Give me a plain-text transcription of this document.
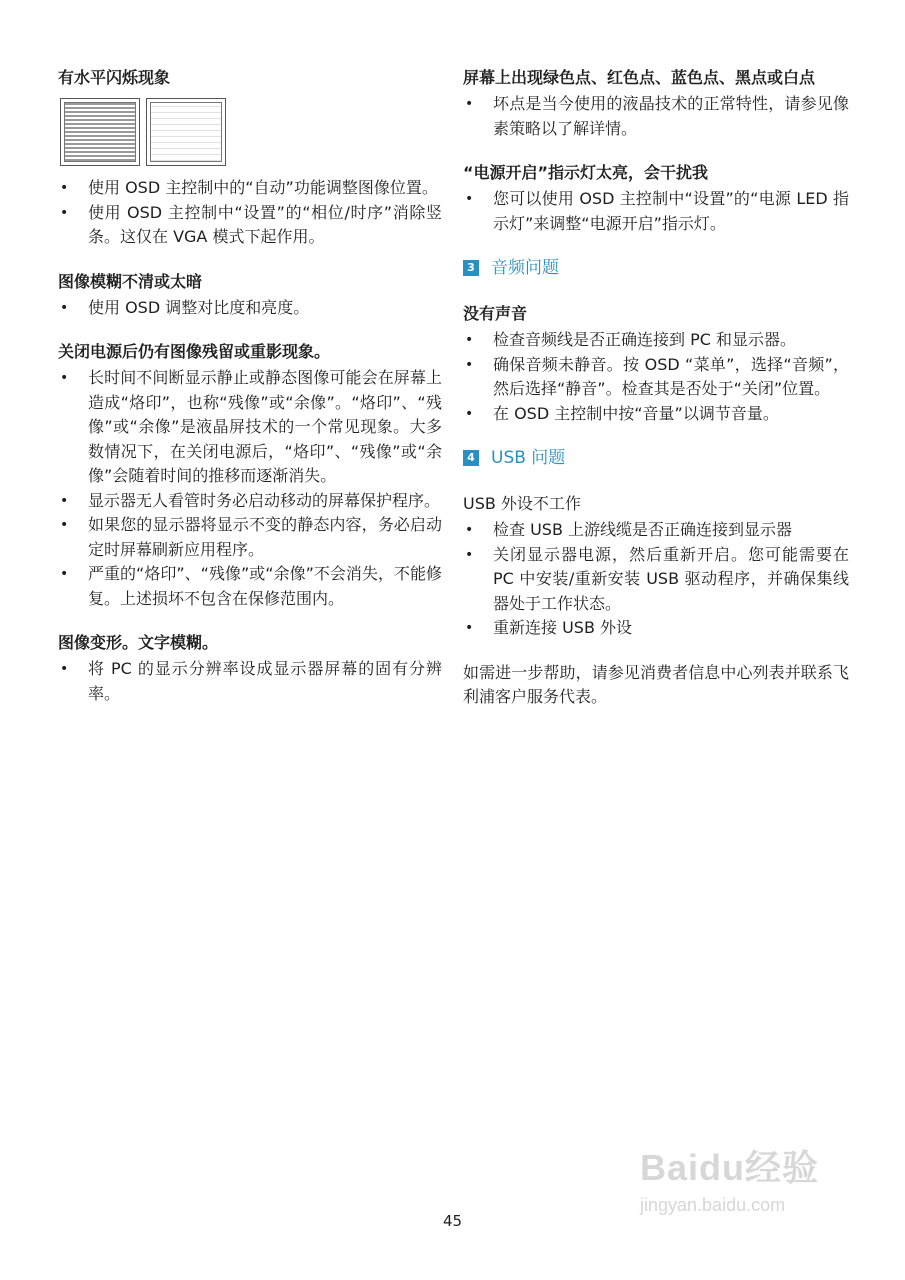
有水平闪烁现象
• 使用 OSD 主控制中的“自动”功能调整图像位置。
• 使用 OSD 主控制中“设置”的“相位/时序”消除竖条。这仅在 VGA 模式下起作用。
图像模糊不清或太暗
• 使用 OSD 调整对比度和亮度。
关闭电源后仍有图像残留或重影现象。
• 长时间不间断显示静止或静态图像可能会在屏幕上造成“烙印”，也称“残像”或“余像”。“烙印”、“残像”或“余像”是液晶屏技术的一个常见现象。大多数情况下，在关闭电源后，“烙印”、“残像”或“余像”会随着时间的推移而逐渐消失。
• 显示器无人看管时务必启动移动的屏幕保护程序。
• 如果您的显示器将显示不变的静态内容，务必启动定时屏幕刷新应用程序。
• 严重的“烙印”、“残像”或“余像”不会消失，不能修复。上述损坏不包含在保修范围内。
图像变形。文字模糊。
• 将 PC 的显示分辨率设成显示器屏幕的固有分辨率。
屏幕上出现绿色点、红色点、蓝色点、黑点或白点
• 坏点是当今使用的液晶技术的正常特性，请参见像素策略以了解详情。
“电源开启”指示灯太亮，会干扰我
• 您可以使用 OSD 主控制中“设置”的“电源 LED 指示灯”来调整“电源开启”指示灯。
3 音频问题
没有声音
• 检查音频线是否正确连接到 PC 和显示器。
• 确保音频未静音。按 OSD “菜单”，选择“音频”，然后选择“静音”。检查其是否处于“关闭”位置。
• 在 OSD 主控制中按“音量”以调节音量。
4 USB 问题
USB 外设不工作
• 检查 USB 上游线缆是否正确连接到显示器
• 关闭显示器电源，然后重新开启。您可能需要在 PC 中安装/重新安装 USB 驱动程序，并确保集线器处于工作状态。
• 重新连接 USB 外设
如需进一步帮助，请参见消费者信息中心列表并联系飞利浦客户服务代表。
45
Baidu经验
jingyan.baidu.com
